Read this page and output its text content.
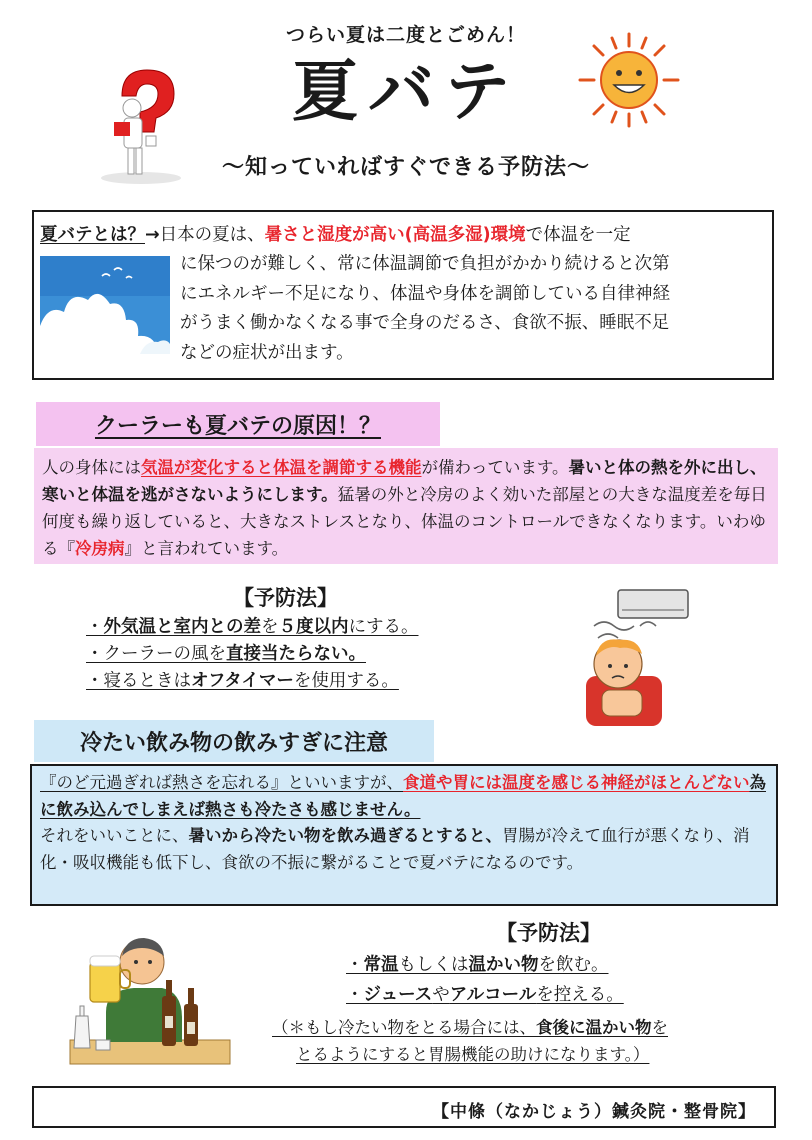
つらい夏は二度とごめん！
夏バテ
～知っていればすぐできる予防法～
夏バテとは？→日本の夏は、暑さと湿度が高い(高温多湿)環境で体温を一定
に保つのが難しく、常に体温調節で負担がかかり続けると次第
にエネルギー不足になり、体温や身体を調節している自律神経
がうまく働かなくなる事で全身のだるさ、食欲不振、睡眠不足
などの症状が出ます。
クーラーも夏バテの原因！？
人の身体には気温が変化すると体温を調節する機能が備わっています。暑いと体の熱を外に出し、寒いと体温を逃がさないようにします。猛暑の外と冷房のよく効いた部屋との大きな温度差を毎日何度も繰り返していると、大きなストレスとなり、体温のコントロールできなくなります。いわゆる『冷房病』と言われています。
【予防法】
・外気温と室内との差を５度以内にする。
・クーラーの風を直接当たらない。
・寝るときはオフタイマーを使用する。
冷たい飲み物の飲みすぎに注意
『のど元過ぎれば熱さを忘れる』といいますが、食道や胃には温度を感じる神経がほとんどない為に飲み込んでしまえば熱さも冷たさも感じません。
それをいいことに、暑いから冷たい物を飲み過ぎるとすると、胃腸が冷えて血行が悪くなり、消化・吸収機能も低下し、食欲の不振に繋がることで夏バテになるのです。
【予防法】
・常温もしくは温かい物を飲む。
・ジュースやアルコールを控える。
（＊もし冷たい物をとる場合には、食後に温かい物を
とるようにすると胃腸機能の助けになります。）
【中條（なかじょう）鍼灸院・整骨院】
